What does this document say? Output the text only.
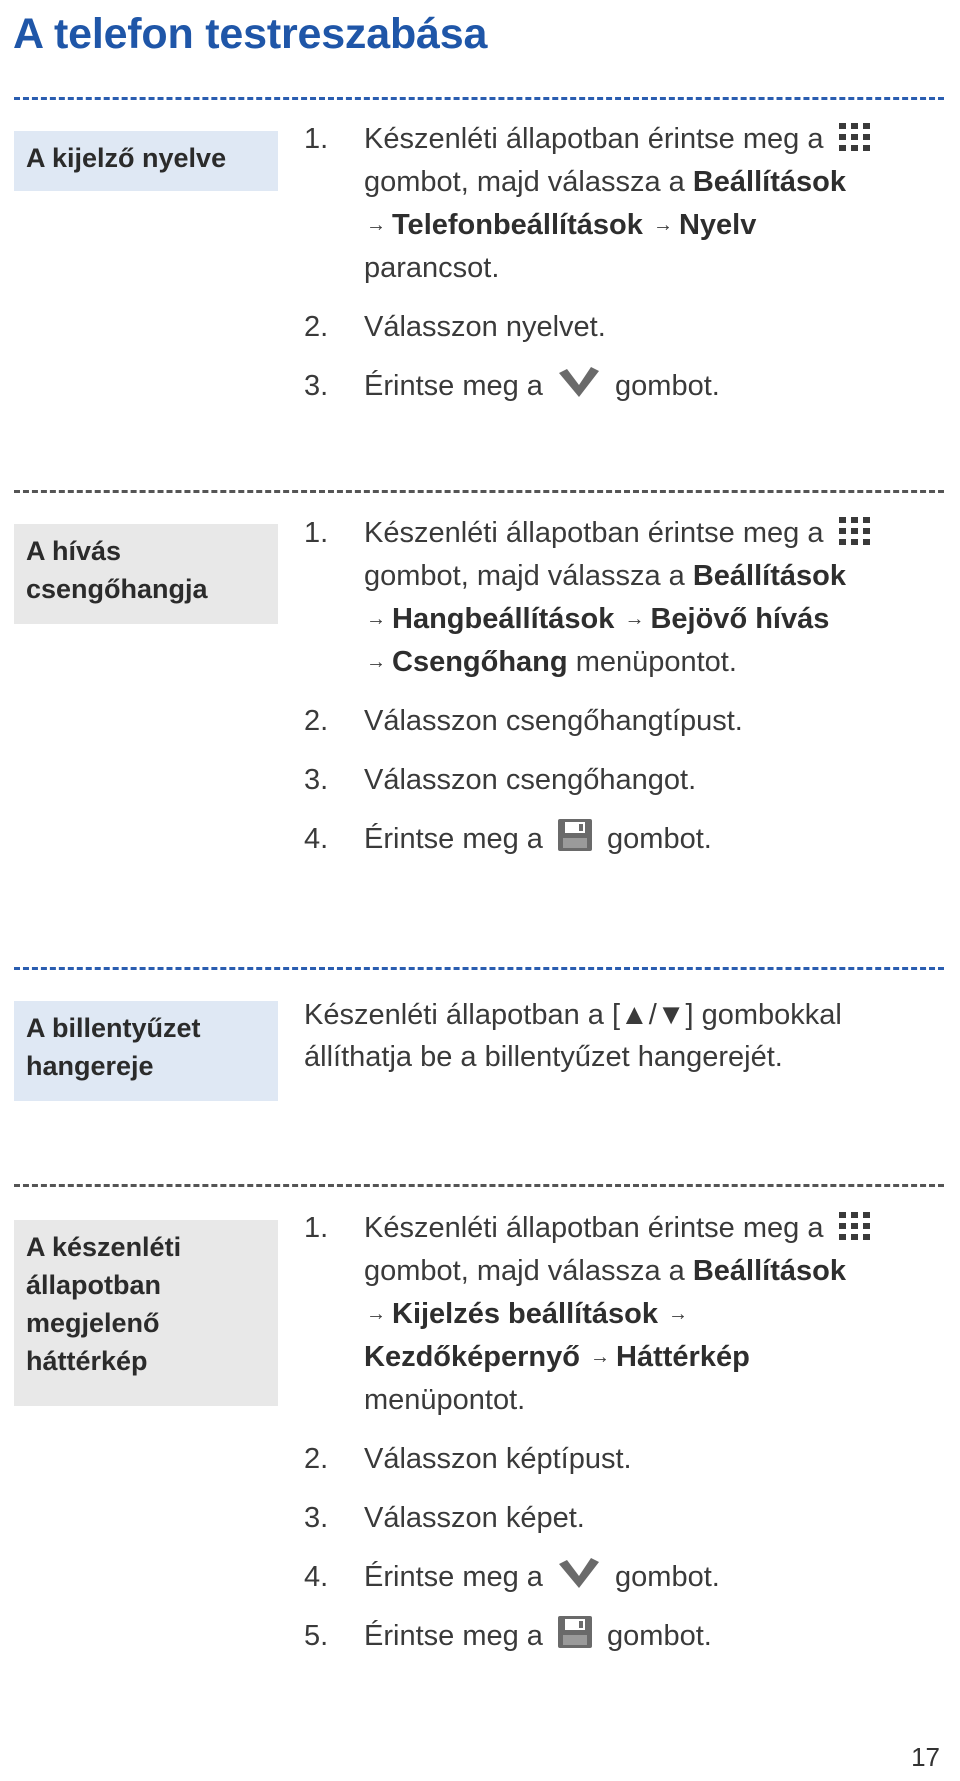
A telefon testreszabása
A kijelző nyelve
1. Készenléti állapotban érintse meg a
gombot, majd válassza a Beállítások
→ Telefonbeállítások → Nyelv
parancsot.
2. Válasszon nyelvet.
3. Érintse meg a gombot.
A hívás csengőhangja
1. Készenléti állapotban érintse meg a
gombot, majd válassza a Beállítások
→ Hangbeállítások → Bejövő hívás
→ Csengőhang menüpontot.
2. Válasszon csengőhangtípust.
3. Válasszon csengőhangot.
4. Érintse meg a gombot.
A billentyűzet hangereje
Készenléti állapotban a [▲/▼] gombokkal állíthatja be a billentyűzet hangerejét.
A készenléti állapotban megjelenő háttérkép
1. Készenléti állapotban érintse meg a
gombot, majd válassza a Beállítások
→ Kijelzés beállítások →
Kezdőképernyő → Háttérkép
menüpontot.
2. Válasszon képtípust.
3. Válasszon képet.
4. Érintse meg a gombot.
5. Érintse meg a gombot.
17
